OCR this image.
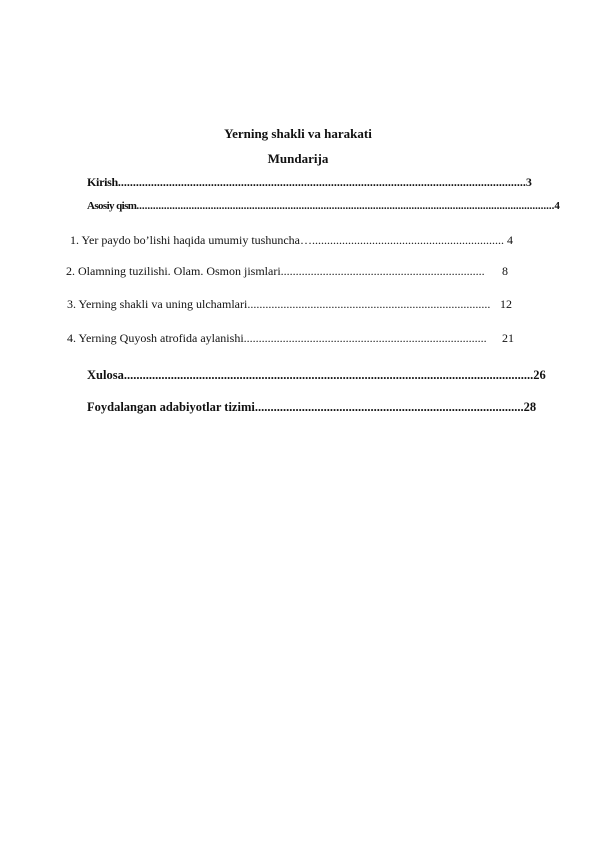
Yerning shakli va harakati
Mundarija
Kirish ........................................................................................................................................ 3
Asosiy qism ........................................................................................................................................................ 4
1. Yer paydo bo’lishi haqida umumiy tushuncha… ................................................................ 4
2. Olamning tuzilishi. Olam. Osmon jismlari ....................................................................	8
3. Yerning shakli va uning ulchamlari ................................................................................. 12
4. Yerning Quyosh atrofida aylanishi .................................................................................	21
Xulosa ................................................................................................................................... 26
Foydalangan adabiyotlar tizimi ...................................................................................... 28
